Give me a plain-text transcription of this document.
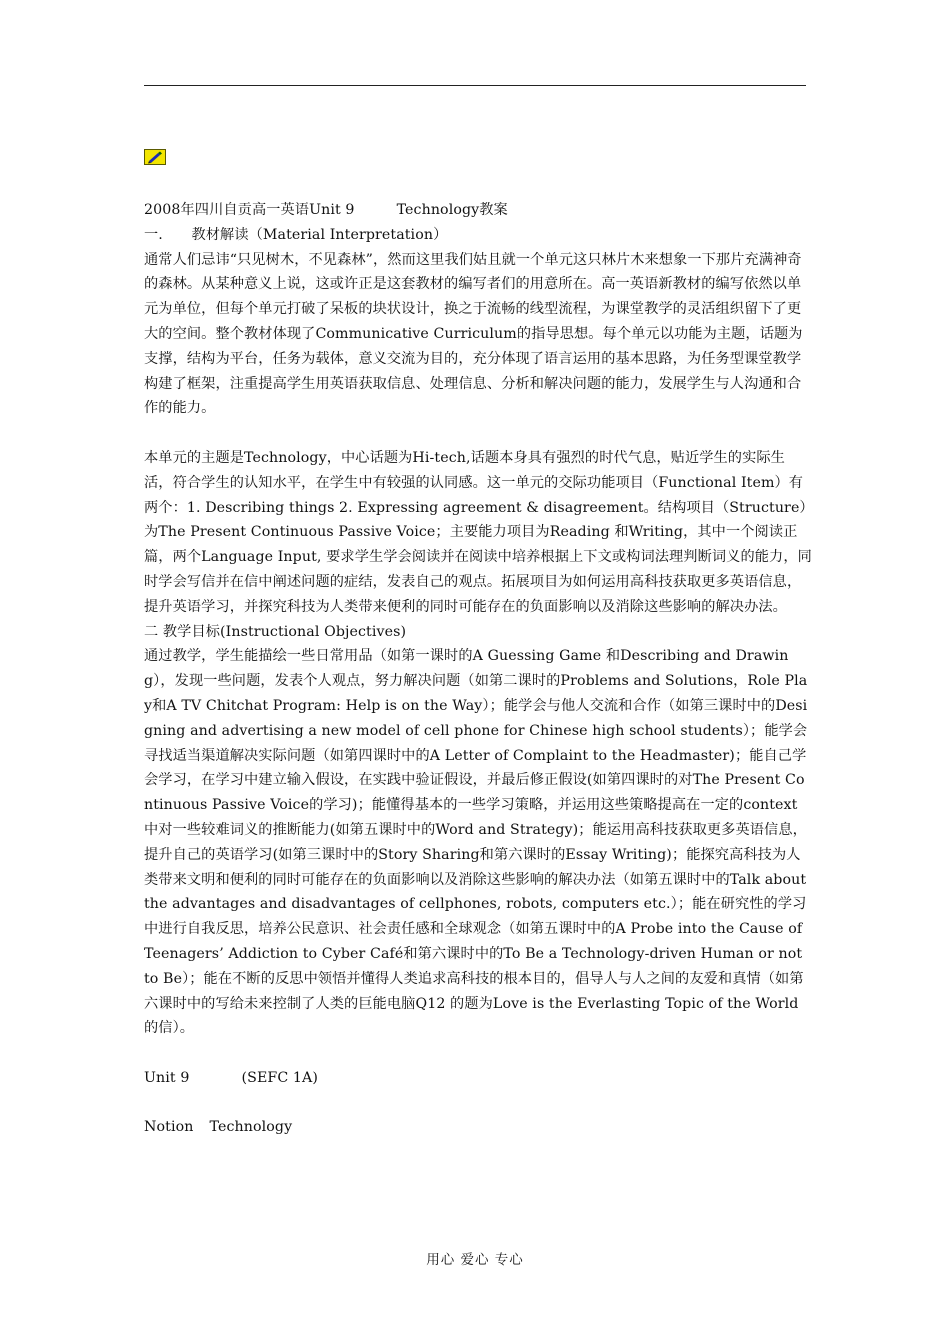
2008年四川自贡高一英语Unit 9	Technology教案

一.　　教材解读（Material Interpretation）

通常人们忌讳“只见树木，不见森林”，然而这里我们姑且就一个单元这只林片木来想象一下那片充满神奇的森林。从某种意义上说，这或许正是这套教材的编写者们的用意所在。高一英语新教材的编写依然以单元为单位，但每个单元打破了呆板的块状设计，换之于流畅的线型流程，为课堂教学的灵活组织留下了更大的空间。整个教材体现了Communicative Curriculum的指导思想。每个单元以功能为主题，话题为支撑，结构为平台，任务为载体，意义交流为目的，充分体现了语言运用的基本思路，为任务型课堂教学构建了框架，注重提高学生用英语获取信息、处理信息、分析和解决问题的能力，发展学生与人沟通和合作的能力。

本单元的主题是Technology，中心话题为Hi-tech,话题本身具有强烈的时代气息，贴近学生的实际生活，符合学生的认知水平，在学生中有较强的认同感。这一单元的交际功能项目（Functional Item）有两个：1. Describing things 2. Expressing agreement & disagreement。结构项目（Structure）为The Present Continuous Passive Voice；主要能力项目为Reading 和Writing，其中一个阅读正篇，两个Language Input, 要求学生学会阅读并在阅读中培养根据上下文或构词法理判断词义的能力，同时学会写信并在信中阐述问题的症结，发表自己的观点。拓展项目为如何运用高科技获取更多英语信息，提升英语学习，并探究科技为人类带来便利的同时可能存在的负面影响以及消除这些影响的解决办法。

二 教学目标(Instructional Objectives)

通过教学，学生能描绘一些日常用品（如第一课时的A Guessing Game 和Describing and Drawing），发现一些问题，发表个人观点，努力解决问题（如第二课时的Problems and Solutions，Role Play和A TV Chitchat Program: Help is on the Way）；能学会与他人交流和合作（如第三课时中的Designing and advertising a new model of cell phone for Chinese high school students）；能学会寻找适当渠道解决实际问题（如第四课时中的A Letter of Complaint to the Headmaster)；能自己学会学习，在学习中建立输入假设，在实践中验证假设，并最后修正假设(如第四课时的对The Present Continuous Passive Voice的学习)；能懂得基本的一些学习策略，并运用这些策略提高在一定的context 中对一些较难词义的推断能力(如第五课时中的Word and Strategy)；能运用高科技获取更多英语信息，提升自己的英语学习(如第三课时中的Story Sharing和第六课时的Essay Writing)；能探究高科技为人类带来文明和便利的同时可能存在的负面影响以及消除这些影响的解决办法（如第五课时中的Talk about the advantages and disadvantages of cellphones, robots, computers etc.）；能在研究性的学习中进行自我反思，培养公民意识、社会责任感和全球观念（如第五课时中的A Probe into the Cause of Teenagers’ Addiction to Cyber Café和第六课时中的To Be a Technology-driven Human or not to Be）；能在不断的反思中领悟并懂得人类追求高科技的根本目的，倡导人与人之间的友爱和真情（如第六课时中的写给未来控制了人类的巨能电脑Q12 的题为Love is the Everlasting Topic of the World的信）。

Unit 9	(SEFC 1A)

Notion Technology

用心 爱心 专心
